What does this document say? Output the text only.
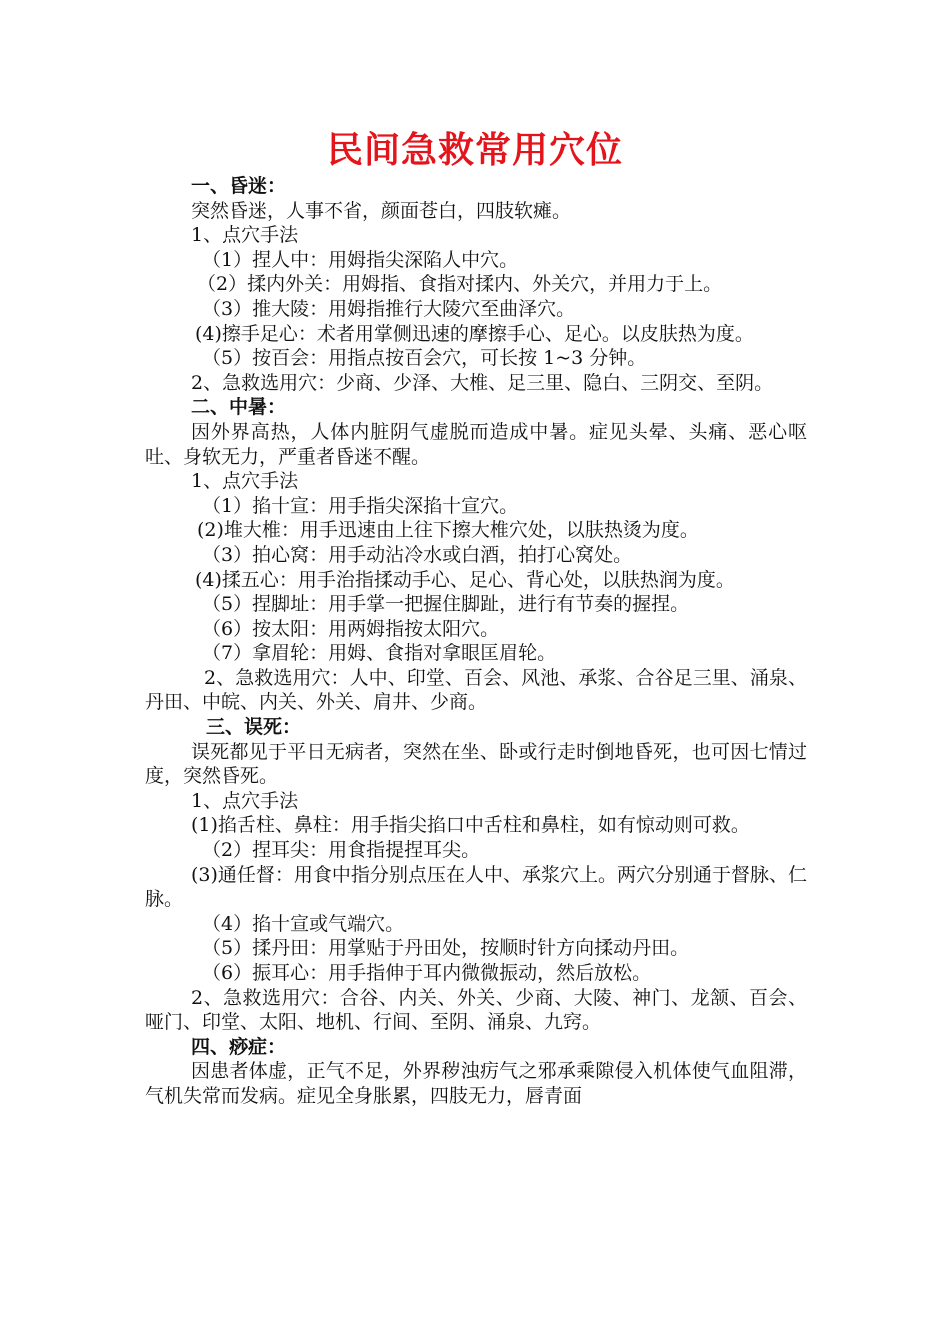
民间急救常用穴位
一、昏迷：
突然昏迷，人事不省，颜面苍白，四肢软瘫。
1、点穴手法
（1）捏人中：用姆指尖深陷人中穴。
（2）揉内外关：用姆指、食指对揉内、外关穴，并用力于上。
（3）推大陵：用姆指推行大陵穴至曲泽穴。
(4)擦手足心：术者用掌侧迅速的摩擦手心、足心。以皮肤热为度。
（5）按百会：用指点按百会穴，可长按 1~3 分钟。
2、急救选用穴：少商、少泽、大椎、足三里、隐白、三阴交、至阴。
二、中暑：
因外界高热，人体内脏阴气虚脱而造成中暑。症见头晕、头痛、恶心呕吐、身软无力，严重者昏迷不醒。
1、点穴手法
（1）掐十宣：用手指尖深掐十宣穴。
(2)堆大椎：用手迅速由上往下擦大椎穴处，以肤热烫为度。
（3）拍心窝：用手动沾冷水或白酒，拍打心窝处。
(4)揉五心：用手治指揉动手心、足心、背心处，以肤热润为度。
（5）捏脚址：用手掌一把握住脚趾，进行有节奏的握捏。
（6）按太阳：用两姆指按太阳穴。
（7）拿眉轮：用姆、食指对拿眼匡眉轮。
2、急救选用穴：人中、印堂、百会、风池、承浆、合谷足三里、涌泉、丹田、中皖、内关、外关、肩井、少商。
三、误死：
误死都见于平日无病者，突然在坐、卧或行走时倒地昏死，也可因七情过度，突然昏死。
1、点穴手法
(1)掐舌柱、鼻柱：用手指尖掐口中舌柱和鼻柱，如有惊动则可救。
（2）捏耳尖：用食指提捏耳尖。
(3)通任督：用食中指分别点压在人中、承浆穴上。两穴分别通于督脉、仁脉。
（4）掐十宣或气端穴。
（5）揉丹田：用掌贴于丹田处，按顺时针方向揉动丹田。
（6）振耳心：用手指伸于耳内微微振动，然后放松。
2、急救选用穴：合谷、内关、外关、少商、大陵、神门、龙颔、百会、哑门、印堂、太阳、地机、行间、至阴、涌泉、九窍。
四、痧症：
因患者体虚，正气不足，外界秽浊疠气之邪承乘隙侵入机体使气血阻滞，气机失常而发病。症见全身胀累，四肢无力，唇青面
